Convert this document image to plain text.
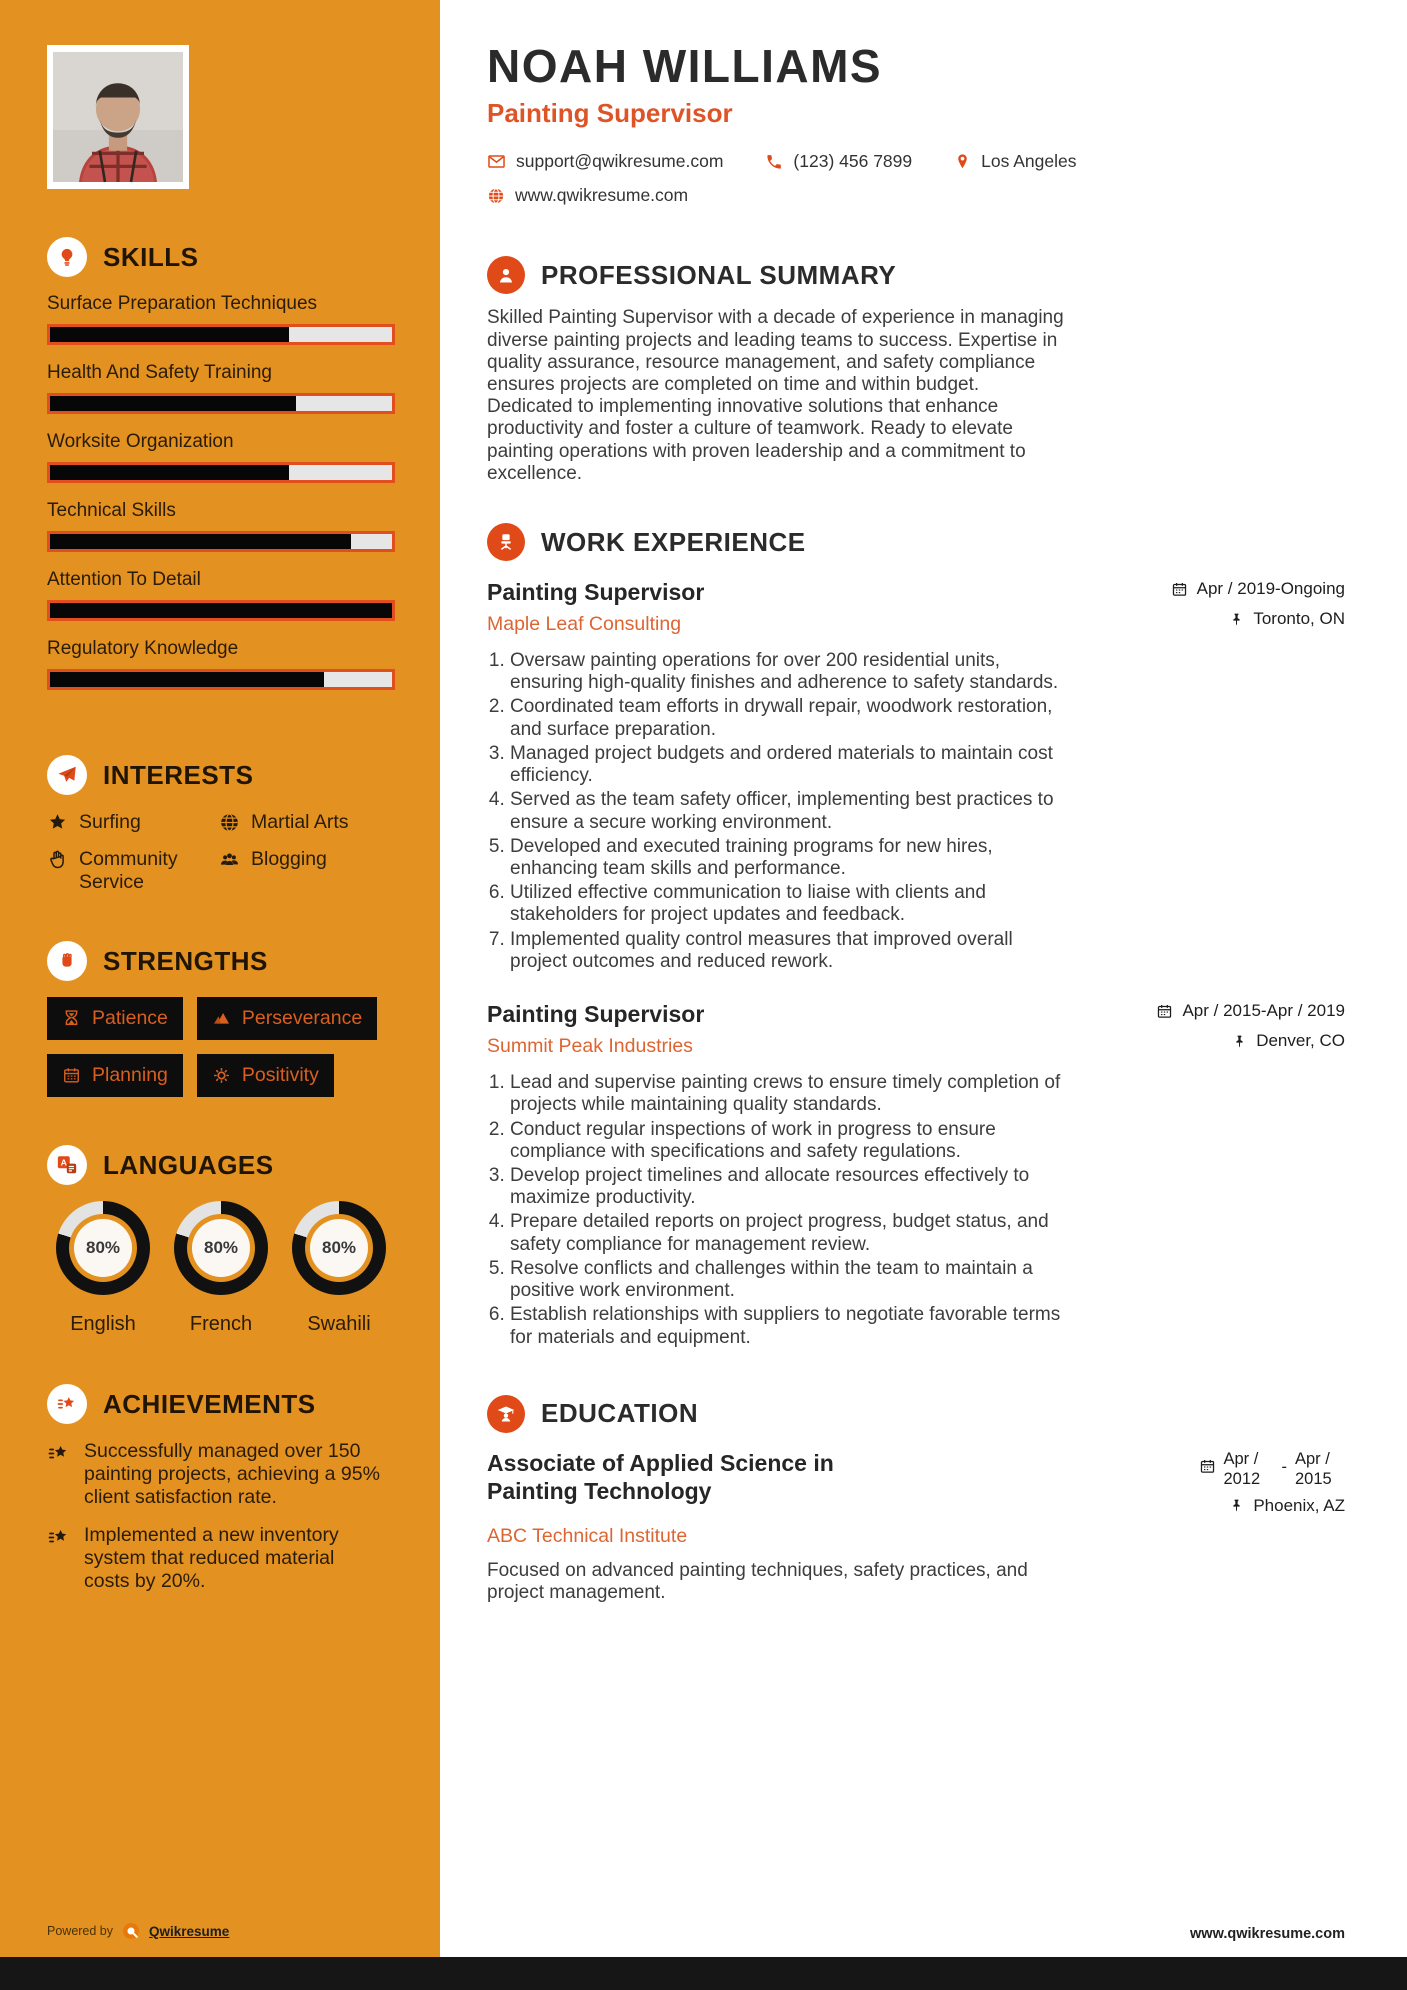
SKILLS
Surface Preparation Techniques
Health And Safety Training
Worksite Organization
Technical Skills
Attention To Detail
Regulatory Knowledge
INTERESTS
Surfing	Martial Arts
Community Service
Blogging
STRENGTHS
Patience	Perseverance
Planning	Positivity
A LANGUAGES
80%
English
80%
French
80%
Swahili
ACHIEVEMENTS
Successfully managed over 150 painting projects, achieving a 95% client satisfaction rate.
Implemented a new inventory system that reduced material costs by 20%.
Powered by	Qwikresume
NOAH WILLIAMS
Painting Supervisor
support@qwikresume.com	(123) 456 7899	Los Angeles
www.qwikresume.com
PROFESSIONAL SUMMARY

Skilled Painting Supervisor with a decade of experience in managing diverse painting projects and leading teams to success. Expertise in quality assurance, resource management, and safety compliance ensures projects are completed on time and within budget. Dedicated to implementing innovative solutions that enhance productivity and foster a culture of teamwork. Ready to elevate painting operations with proven leadership and a commitment to excellence.

WORK EXPERIENCE
Painting Supervisor
Maple Leaf Consulting
Apr / 2019-Ongoing
Toronto, ON
1. Oversaw painting operations for over 200 residential units, ensuring high-quality finishes and adherence to safety standards.
2. Coordinated team efforts in drywall repair, woodwork restoration, and surface preparation.
3. Managed project budgets and ordered materials to maintain cost efficiency.
4. Served as the team safety officer, implementing best practices to ensure a secure working environment.
5. Developed and executed training programs for new hires, enhancing team skills and performance.
6. Utilized effective communication to liaise with clients and stakeholders for project updates and feedback.
7. Implemented quality control measures that improved overall project outcomes and reduced rework.
Painting Supervisor
Summit Peak Industries
Apr / 2015-Apr / 2019
Denver, CO
1. Lead and supervise painting crews to ensure timely completion of projects while maintaining quality standards.
2. Conduct regular inspections of work in progress to ensure compliance with specifications and safety regulations.
3. Develop project timelines and allocate resources effectively to maximize productivity.
4. Prepare detailed reports on project progress, budget status, and safety compliance for management review.
5. Resolve conflicts and challenges within the team to maintain a positive work environment.
6. Establish relationships with suppliers to negotiate favorable terms for materials and equipment.
EDUCATION
Associate of Applied Science in Painting Technology
Apr / 2012
- Apr / 2015
Phoenix, AZ
ABC Technical Institute

Focused on advanced painting techniques, safety practices, and project management.

www.qwikresume.com
